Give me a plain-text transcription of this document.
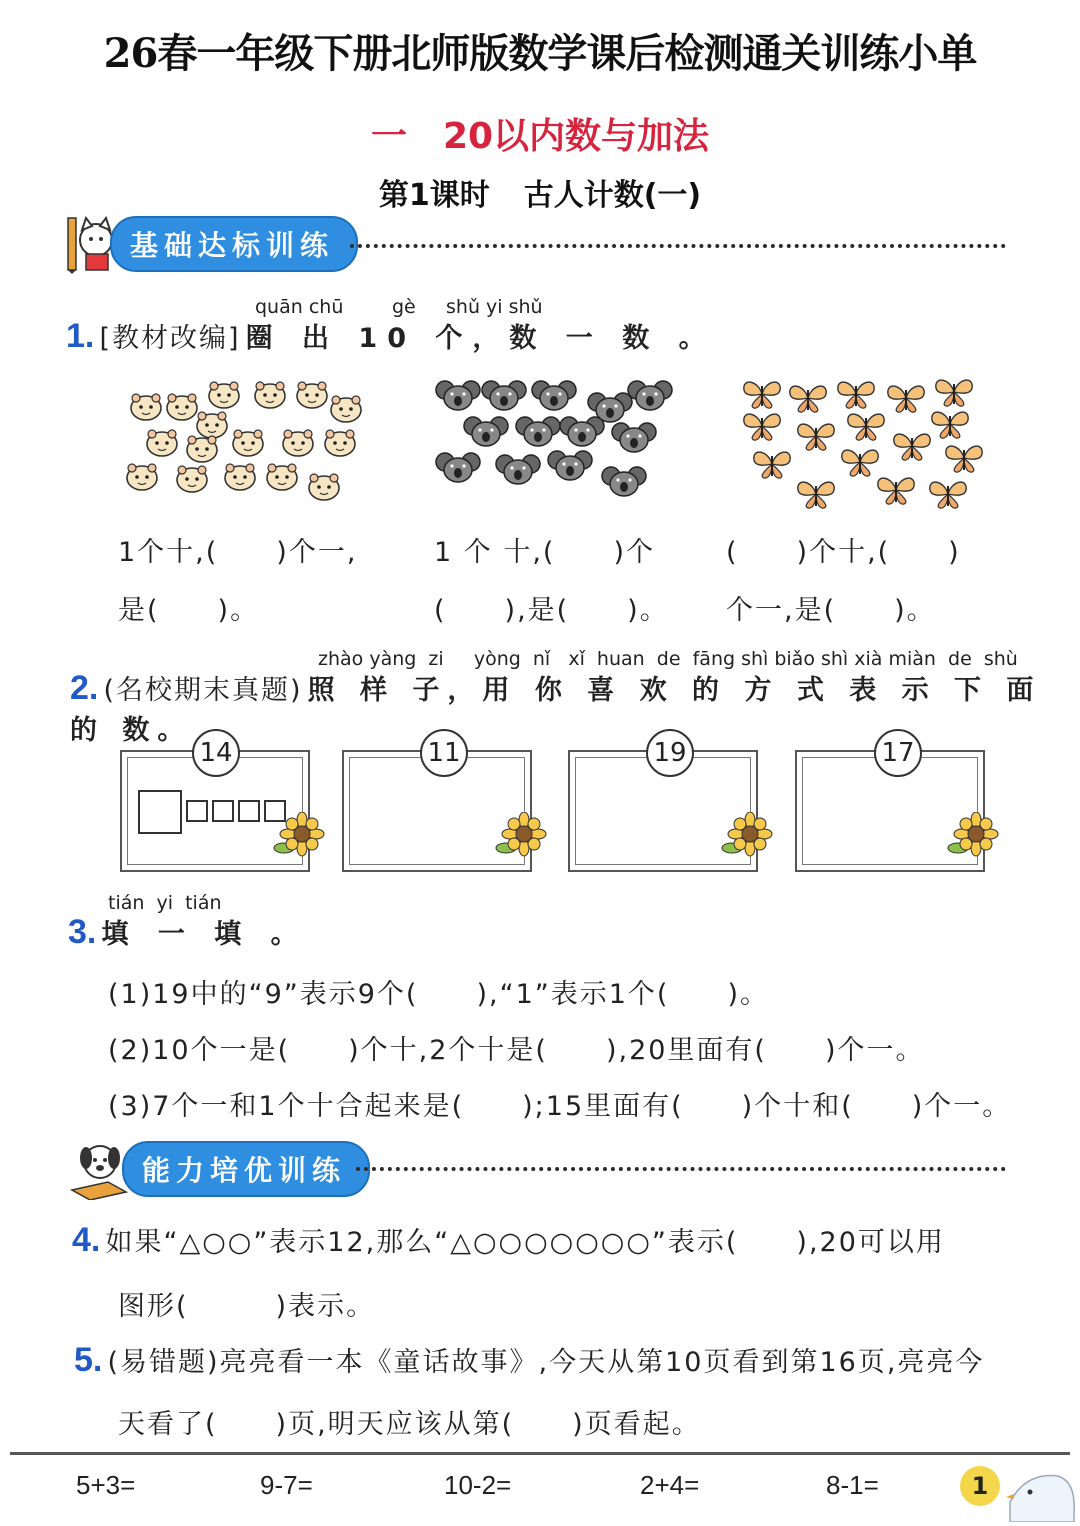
26春一年级下册北师版数学课后检测通关训练小单
一 20以内数与加法
第1课时 古人计数(一)
基础达标训练
quān chū	gè shǔ yi shǔ
1. [教材改编] 圈 出 10 个，数 一 数 。
1个十,(　　)个一,
是(　　)。
1 个 十,(　　)个
(　　),是(　　)。
(　　)个十,(　　)
个一,是(　　)。
zhào yàng  zi     yòng  nǐ   xǐ  huan  de  fāng shì biǎo shì xià miàn  de  shù
2. (名校期末真题) 照 样 子，用 你 喜 欢 的 方 式 表 示 下 面 的 数。
14	11	19	17
tián  yi  tián
3. 填 一 填 。
(1)19中的“9”表示9个(　　),“1”表示1个(　　)。
(2)10个一是(　　)个十,2个十是(　　),20里面有(　　)个一。
(3)7个一和1个十合起来是(　　);15里面有(　　)个十和(　　)个一。
能力培优训练
4. 如果“△○○”表示12,那么“△○○○○○○○”表示(　　),20可以用
图形(　　　)表示。
5. (易错题)亮亮看一本《童话故事》,今天从第10页看到第16页,亮亮今
天看了(　　)页,明天应该从第(　　)页看起。
5+3=	9-7=	10-2=	2+4=	8-1=	1
